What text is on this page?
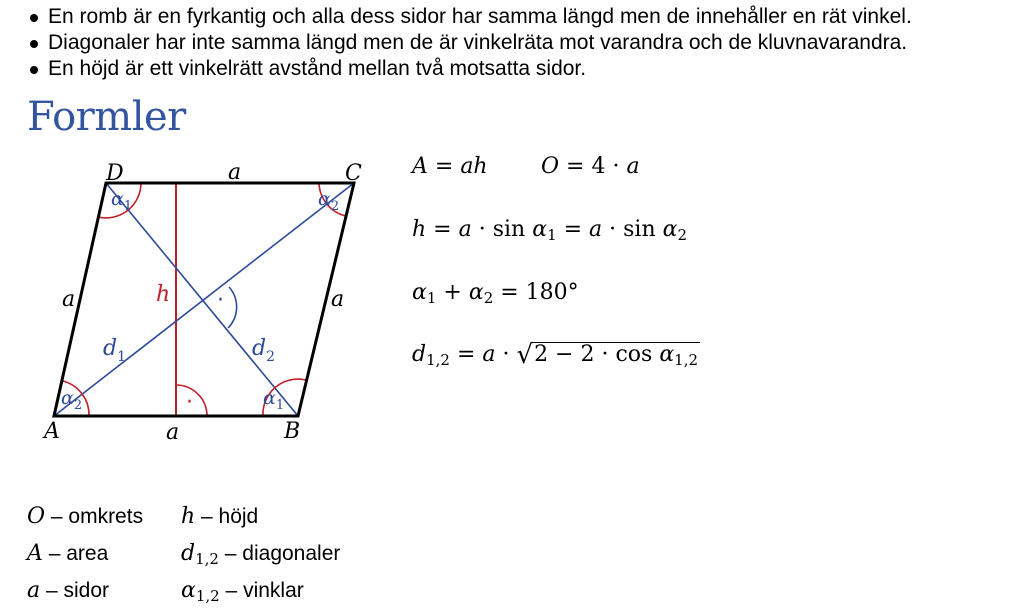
En romb är en fyrkantig och alla dess sidor har samma längd men de innehåller en rät vinkel.
Diagonaler har inte samma längd men de är vinkelräta mot varandra och de kluvnavarandra.
En höjd är ett vinkelrätt avstånd mellan två motsatta sidor.
Formler
D	C
A	B
a
a
a	a
h
$d_1$	$d_2$
$\alpha_2$
$\alpha_1$	$\alpha_2$
$\alpha_1$
·
·
A = ah O = 4 · a
$h = a \cdot \sin \alpha_1 = a \cdot \sin \alpha_2$
$\alpha_1 + \alpha_2 = 180^\circ$
$d_{1,2} = a \cdot √2 - 2 \cdot \cos \alpha_{1,2}$
O – omkrets
A – area
a – sidor
h – höjd
$d_{1,2}$ – diagonaler
$\alpha_{1,2}$ – vinklar
